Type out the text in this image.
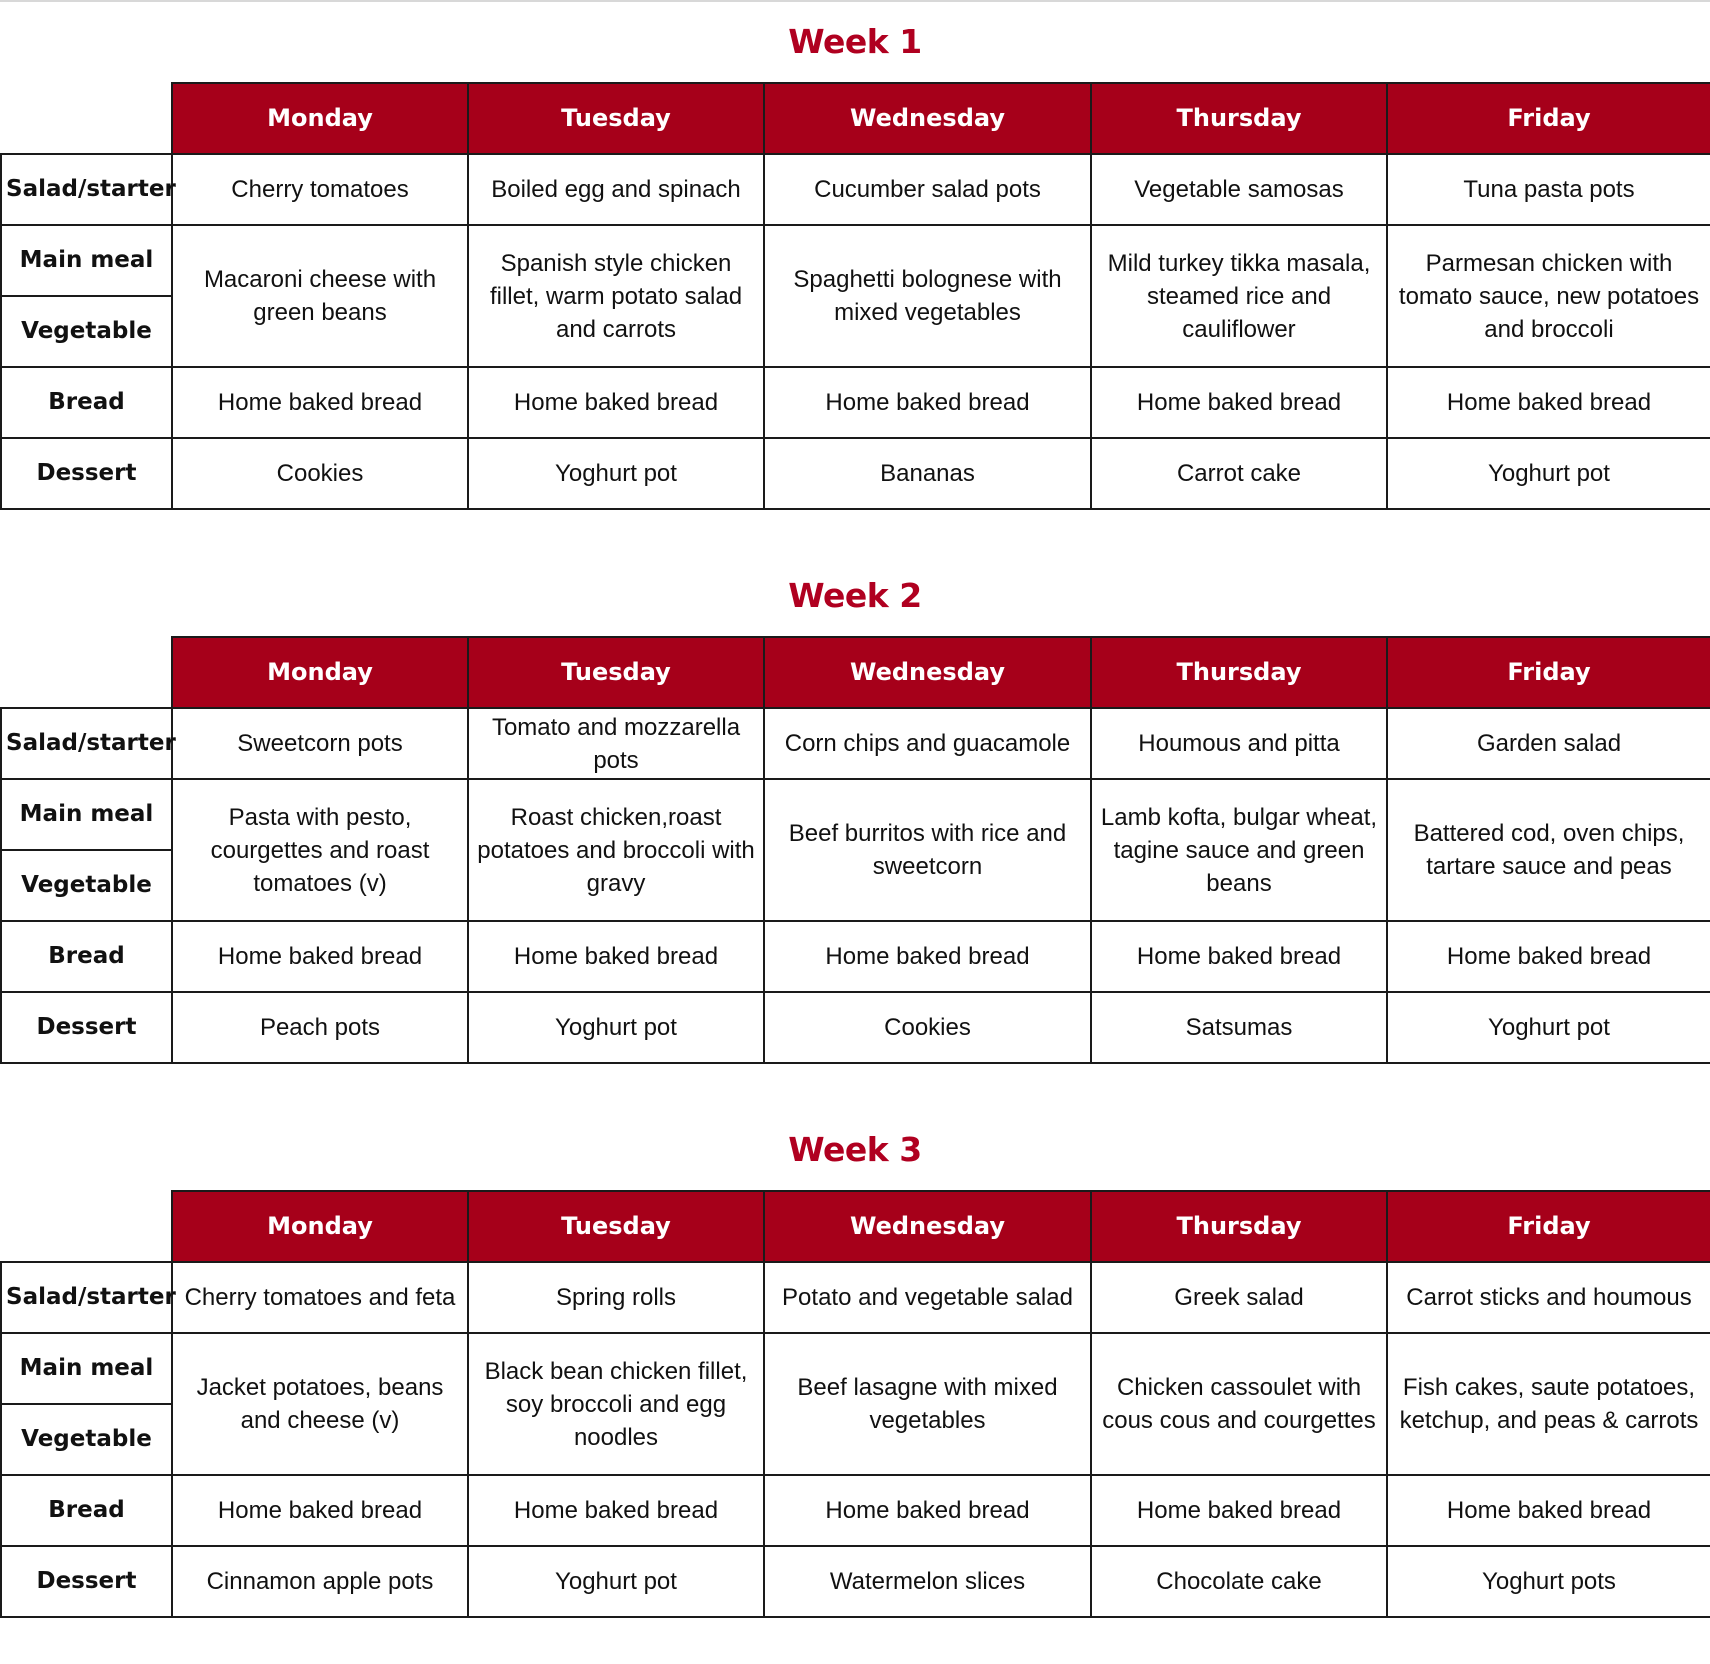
Week 1
	Monday	Tuesday	Wednesday	Thursday	Friday
Salad/starter	Cherry tomatoes	Boiled egg and spinach	Cucumber salad pots	Vegetable samosas	Tuna pasta pots
Main meal	Macaroni cheese with green beans	Spanish style chicken fillet, warm potato salad and carrots	Spaghetti bolognese with mixed vegetables	Mild turkey tikka masala, steamed rice and cauliflower	Parmesan chicken with tomato sauce, new potatoes and broccoli
Vegetable					
Bread	Home baked bread	Home baked bread	Home baked bread	Home baked bread	Home baked bread
Dessert	Cookies	Yoghurt pot	Bananas	Carrot cake	Yoghurt pot
Week 2
	Monday	Tuesday	Wednesday	Thursday	Friday
Salad/starter	Sweetcorn pots	Tomato and mozzarella pots	Corn chips and guacamole	Houmous and pitta	Garden salad
Main meal	Pasta with pesto, courgettes and roast tomatoes (v)	Roast chicken,roast potatoes and broccoli with gravy	Beef burritos with rice and sweetcorn	Lamb kofta, bulgar wheat, tagine sauce and green beans	Battered cod, oven chips, tartare sauce and peas
Vegetable					
Bread	Home baked bread	Home baked bread	Home baked bread	Home baked bread	Home baked bread
Dessert	Peach pots	Yoghurt pot	Cookies	Satsumas	Yoghurt pot
Week 3
	Monday	Tuesday	Wednesday	Thursday	Friday
Salad/starter	Cherry tomatoes and feta	Spring rolls	Potato and vegetable salad	Greek salad	Carrot sticks and houmous
Main meal	Jacket potatoes, beans and cheese (v)	Black bean chicken fillet, soy broccoli and egg noodles	Beef lasagne with mixed vegetables	Chicken cassoulet with cous cous and courgettes	Fish cakes, saute potatoes, ketchup, and peas & carrots
Vegetable					
Bread	Home baked bread	Home baked bread	Home baked bread	Home baked bread	Home baked bread
Dessert	Cinnamon apple pots	Yoghurt pot	Watermelon slices	Chocolate cake	Yoghurt pots
